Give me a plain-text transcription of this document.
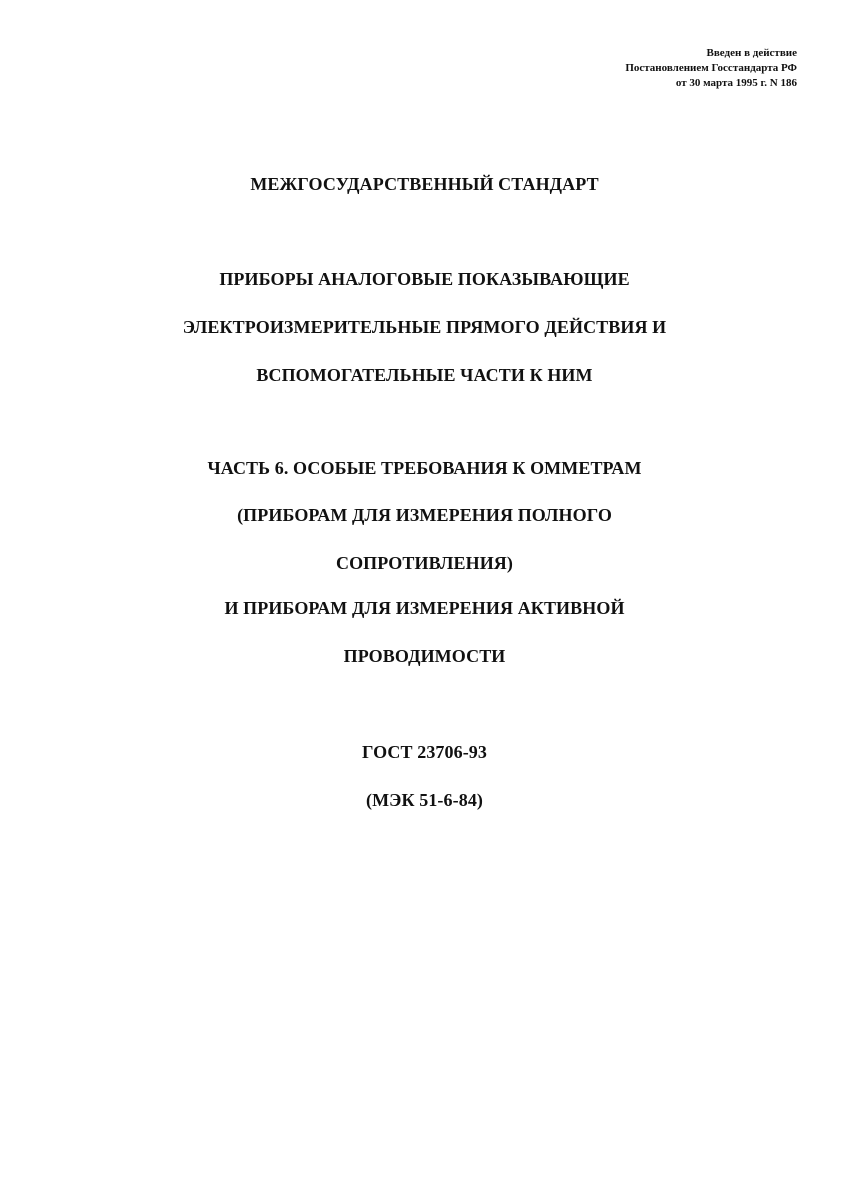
Введен в действие
Постановлением Госстандарта РФ
от 30 марта 1995 г. N 186
МЕЖГОСУДАРСТВЕННЫЙ СТАНДАРТ
ПРИБОРЫ АНАЛОГОВЫЕ ПОКАЗЫВАЮЩИЕ
ЭЛЕКТРОИЗМЕРИТЕЛЬНЫЕ ПРЯМОГО ДЕЙСТВИЯ И
ВСПОМОГАТЕЛЬНЫЕ ЧАСТИ К НИМ
ЧАСТЬ 6. ОСОБЫЕ ТРЕБОВАНИЯ К ОММЕТРАМ
(ПРИБОРАМ ДЛЯ ИЗМЕРЕНИЯ ПОЛНОГО
СОПРОТИВЛЕНИЯ)
И ПРИБОРАМ ДЛЯ ИЗМЕРЕНИЯ АКТИВНОЙ
ПРОВОДИМОСТИ
ГОСТ 23706-93
(МЭК 51-6-84)
